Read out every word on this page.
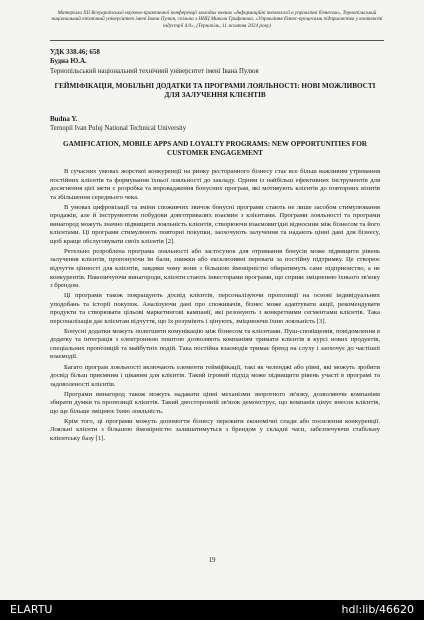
Матеріали XII Всеукраїнської науково-практичної конференції молодих вчених «Інформаційні технології в управлінні бізнесом», Тернопільський національний технічний університет імені Івана Пулюя, спільна з ННЦ Миколи Грифонова. «Управління бізнес-процесами підприємства у контексті індустрії 4.0», (Тернопіль, 11 жовтня 2024 року)
УДК 338.46; 658
Будна Ю.А.
Тернопільський національний технічний університет імені Івана Пулюя
ГЕЙМІФІКАЦІЯ, МОБІЛЬНІ ДОДАТКИ ТА ПРОГРАМИ ЛОЯЛЬНОСТІ: НОВІ МОЖЛИВОСТІ ДЛЯ ЗАЛУЧЕННЯ КЛІЄНТІВ
Budna Y.
Ternopil Ivan Puluj National Technical University
GAMIFICATION, MOBILE APPS AND LOYALTY PROGRAMS: NEW OPPORTUNITIES FOR CUSTOMER ENGAGEMENT

В сучасних умовах жорсткої конкуренції на ринку ресторанного бізнесу стає все більш важливим утримання постійних клієнтів та формування їхньої лояльності до закладу. Одним із найбільш ефективних інструментів для досягнення цієї мети є розробка та впровадження бонусних програм, які мотивують клієнтів до повторних візитів та збільшення середнього чека.

В умовах цифровізації та зміни споживчих звичок бонусні програми стають не лише засобом стимулювання продажів, але й інструментом побудови довготривалих взаємин з клієнтами. Програми лояльності та програми винагород можуть значно підвищити лояльність клієнтів, створюючи взаємовигідні відносини між бізнесом та його клієнтами. Ці програми стимулюють повторні покупки, заохочують залучення та надають цінні дані для бізнесу, щоб краще обслуговувати своїх клієнтів [2].

Ретельно розроблена програма лояльності або застосунок для отримання бонусів може підвищити рівень залучення клієнтів, пропонуючи їм бали, знижки або ексклюзивні переваги за постійну підтримку. Це створює відчуття цінності для клієнтів, завдяки чому вони з більшою ймовірністю обиратимуть саме підприємство, а не конкурентів. Накопичуючи винагороди, клієнти стають інвесторами програми, що сприяє зміцненню їхнього зв'язку з брендом.

Ці програми також покращують досвід клієнтів, персоналізуючи пропозиції на основі індивідуальних уподобань та історії покупок. Аналізуючи дані про споживачів, бізнес може адаптувати акції, рекомендувати продукти та створювати цільові маркетингові кампанії, які резонують з конкретними сегментами клієнтів. Така персоналізація дає клієнтам відчуття, що їх розуміють і цінують, зміцнюючи їхню лояльність [3].

Бонусні додатки можуть полегшити комунікацію між бізнесом та клієнтами. Пуш-сповіщення, повідомлення в додатку та інтеграція з електронною поштою дозволяють компаніям тримати клієнтів в курсі нових продуктів, спеціальних пропозицій та майбутніх подій. Така постійна взаємодія тримає бренд на слуху і заохочує до частішої взаємодії.

Багато програм лояльності включають елементи гейміфікації, такі як челенджі або рівні, які можуть зробити досвід більш приємним і цікавим для клієнтів. Такий ігровий підхід може підвищити рівень участі в програмі та задоволеності клієнтів.

Програми винагород також можуть надавати цінні механізми зворотного зв'язку, дозволяючи компаніям збирати думки та пропозиції клієнтів. Такий двосторонній зв'язок демонструє, що компанія цінує внесок клієнтів, що ще більше зміцнює їхню лояльність.

Крім того, ці програми можуть допомогти бізнесу пережити економічні спади або посилення конкуренції. Лояльні клієнти з більшою ймовірністю залишатимуться з брендом у складні часи, забезпечуючи стабільну клієнтську базу [1].

19
ELARTU	hdl:lib/46620
